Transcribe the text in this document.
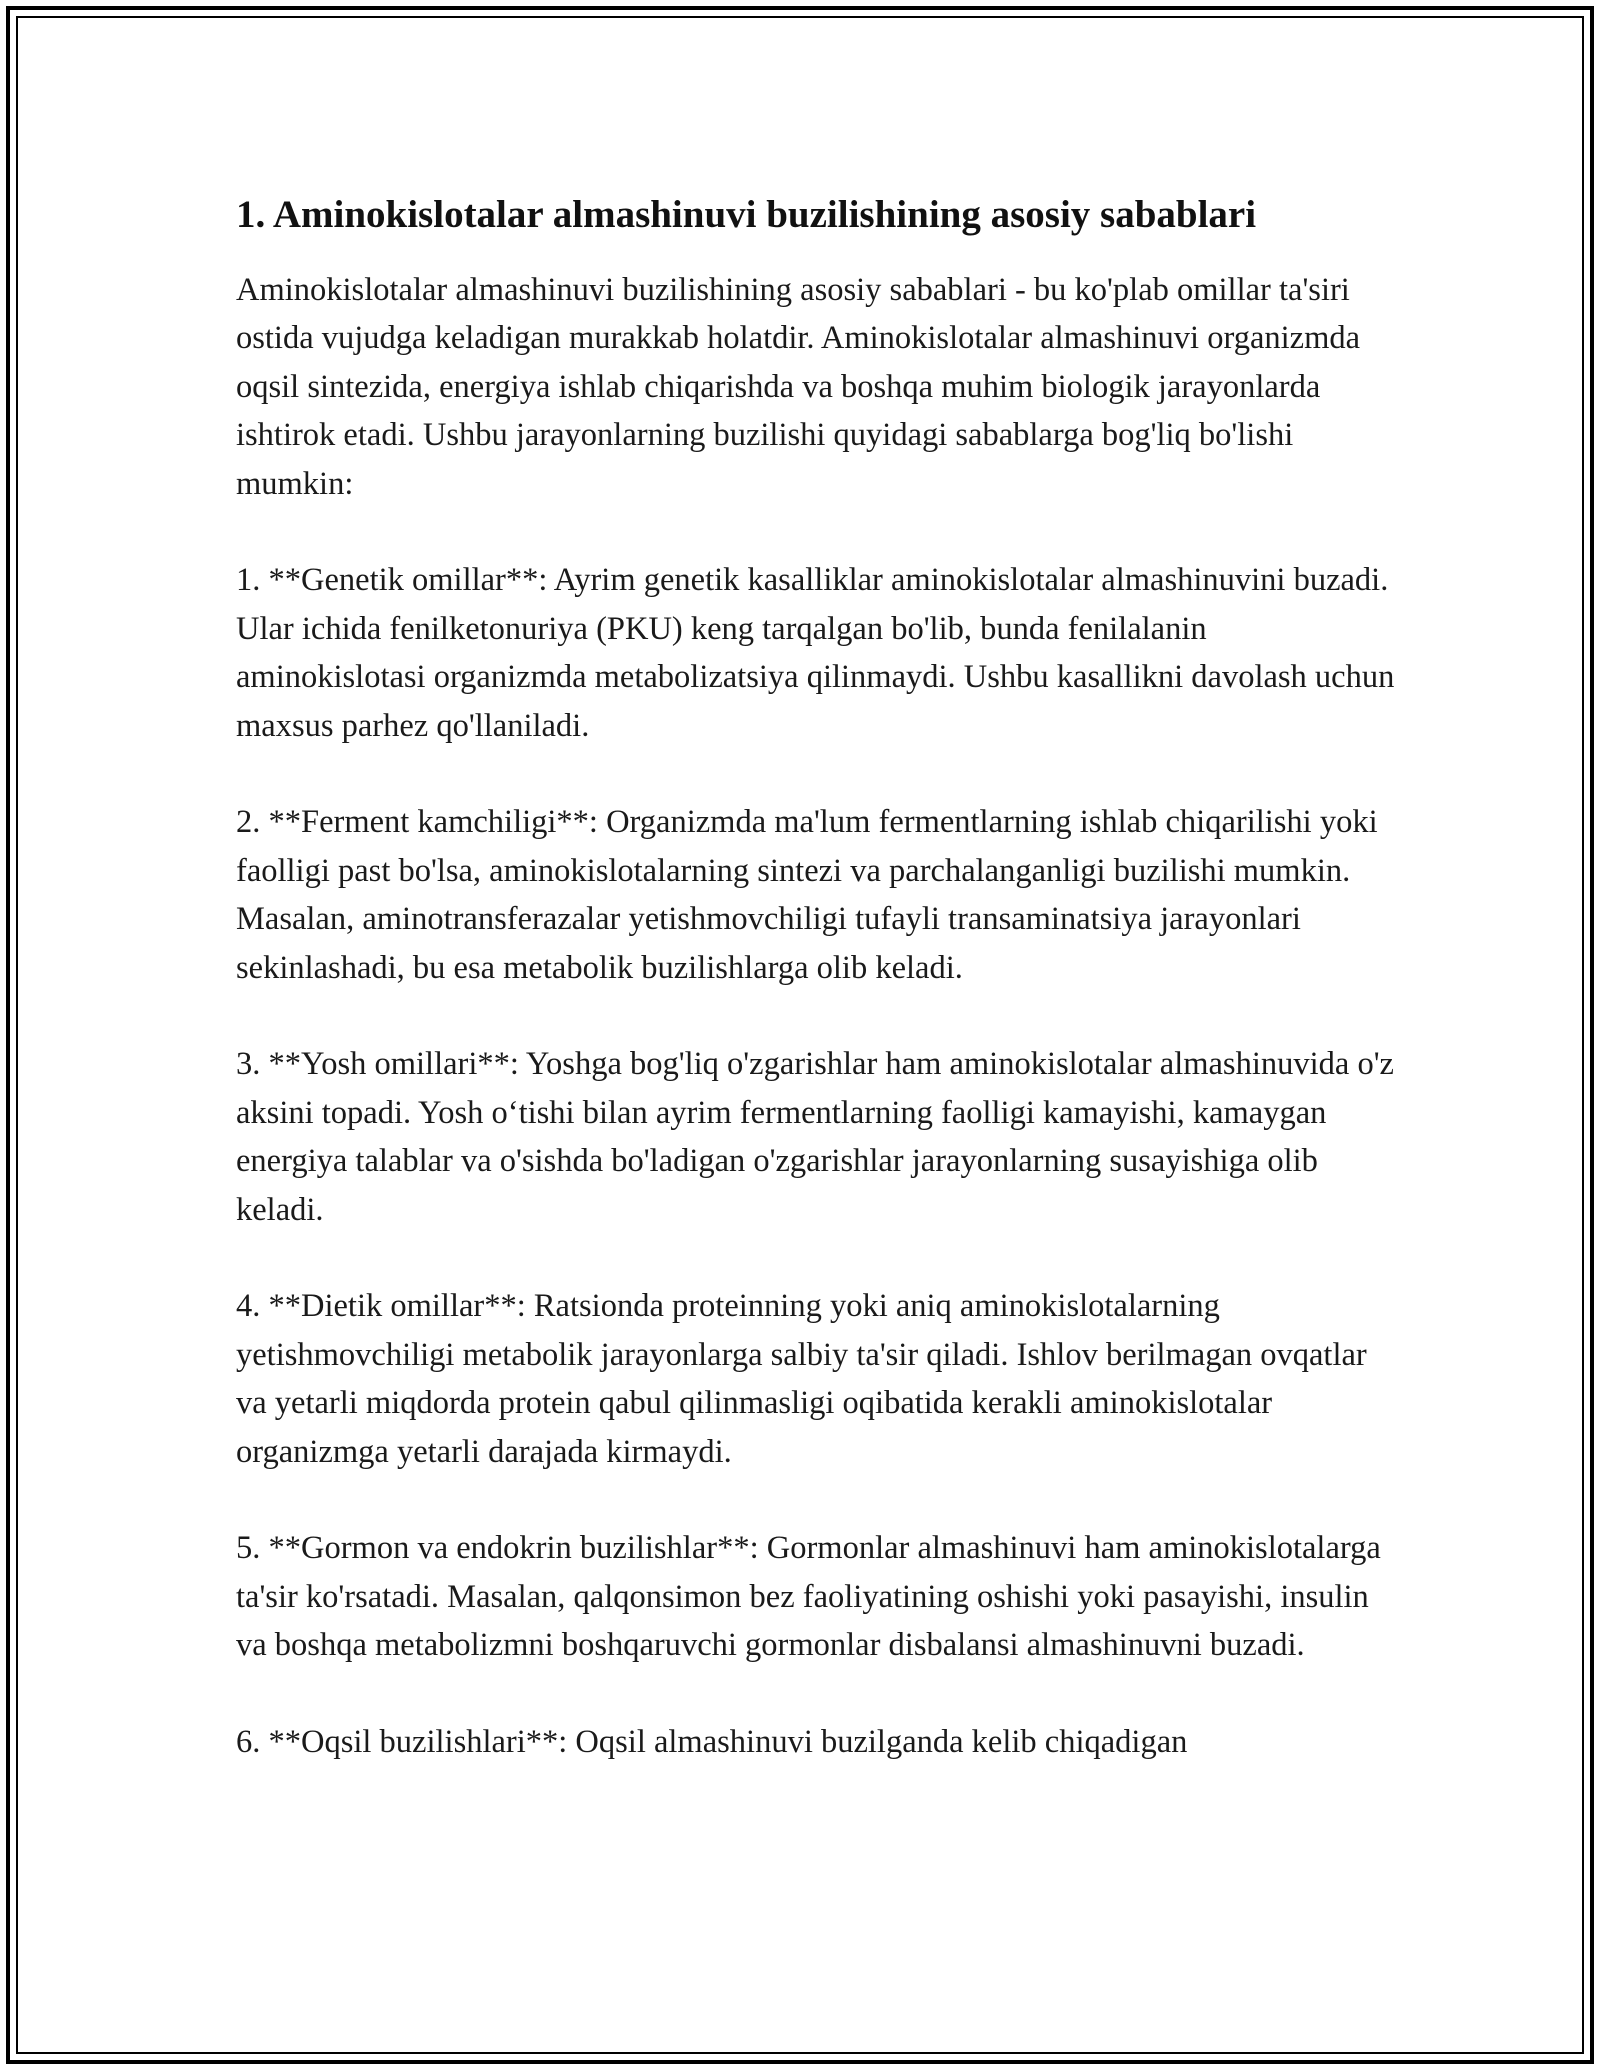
1. Aminokislotalar almashinuvi buzilishining asosiy sabablari

Aminokislotalar almashinuvi buzilishining asosiy sabablari - bu ko'plab omillar ta'siri ostida vujudga keladigan murakkab holatdir. Aminokislotalar almashinuvi organizmda oqsil sintezida, energiya ishlab chiqarishda va boshqa muhim biologik jarayonlarda ishtirok etadi. Ushbu jarayonlarning buzilishi quyidagi sabablarga bog'liq bo'lishi mumkin:

1. **Genetik omillar**: Ayrim genetik kasalliklar aminokislotalar almashinuvini buzadi. Ular ichida fenilketonuriya (PKU) keng tarqalgan bo'lib, bunda fenilalanin aminokislotasi organizmda metabolizatsiya qilinmaydi. Ushbu kasallikni davolash uchun maxsus parhez qo'llaniladi.

2. **Ferment kamchiligi**: Organizmda ma'lum fermentlarning ishlab chiqarilishi yoki faolligi past bo'lsa, aminokislotalarning sintezi va parchalanganligi buzilishi mumkin. Masalan, aminotransferazalar yetishmovchiligi tufayli transaminatsiya jarayonlari sekinlashadi, bu esa metabolik buzilishlarga olib keladi.

3. **Yosh omillari**: Yoshga bog'liq o'zgarishlar ham aminokislotalar almashinuvida o'z aksini topadi. Yosh o‘tishi bilan ayrim fermentlarning faolligi kamayishi, kamaygan energiya talablar va o'sishda bo'ladigan o'zgarishlar jarayonlarning susayishiga olib keladi.

4. **Dietik omillar**: Ratsionda proteinning yoki aniq aminokislotalarning yetishmovchiligi metabolik jarayonlarga salbiy ta'sir qiladi. Ishlov berilmagan ovqatlar va yetarli miqdorda protein qabul qilinmasligi oqibatida kerakli aminokislotalar organizmga yetarli darajada kirmaydi.

5. **Gormon va endokrin buzilishlar**: Gormonlar almashinuvi ham aminokislotalarga ta'sir ko'rsatadi. Masalan, qalqonsimon bez faoliyatining oshishi yoki pasayishi, insulin va boshqa metabolizmni boshqaruvchi gormonlar disbalansi almashinuvni buzadi.

6. **Oqsil buzilishlari**: Oqsil almashinuvi buzilganda kelib chiqadigan
